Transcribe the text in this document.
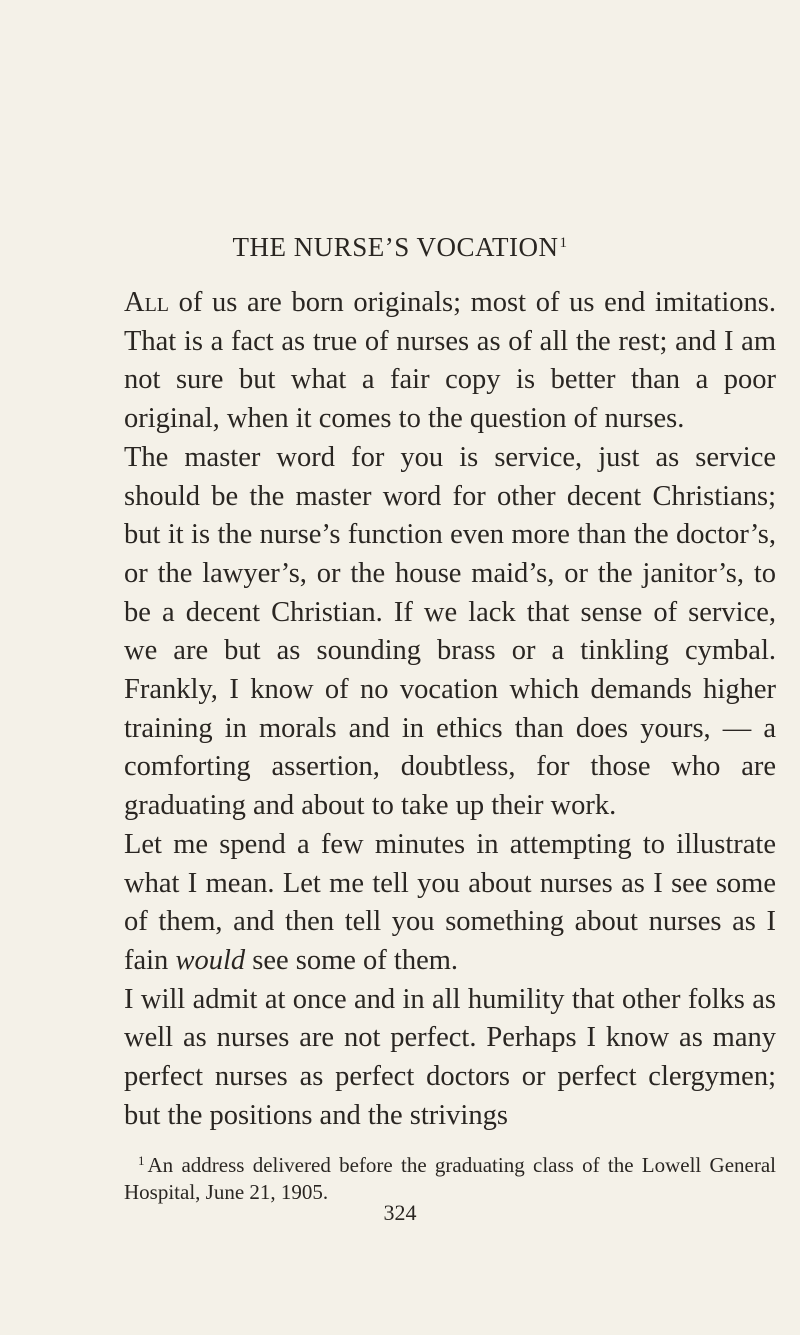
THE NURSE’S VOCATION$^1$

All of us are born originals; most of us end imitations. That is a fact as true of nurses as of all the rest; and I am not sure but what a fair copy is better than a poor original, when it comes to the question of nurses.

The master word for you is service, just as service should be the master word for other decent Christians; but it is the nurse’s function even more than the doctor’s, or the lawyer’s, or the house maid’s, or the janitor’s, to be a decent Christian. If we lack that sense of service, we are but as sounding brass or a tinkling cymbal. Frankly, I know of no vocation which demands higher training in morals and in ethics than does yours, — a comforting assertion, doubtless, for those who are graduating and about to take up their work.

Let me spend a few minutes in attempting to illustrate what I mean. Let me tell you about nurses as I see some of them, and then tell you something about nurses as I fain would see some of them.

I will admit at once and in all humility that other folks as well as nurses are not perfect. Perhaps I know as many perfect nurses as perfect doctors or perfect clergymen; but the positions and the strivings

$^1$ An address delivered before the graduating class of the Lowell General Hospital, June 21, 1905.

324
